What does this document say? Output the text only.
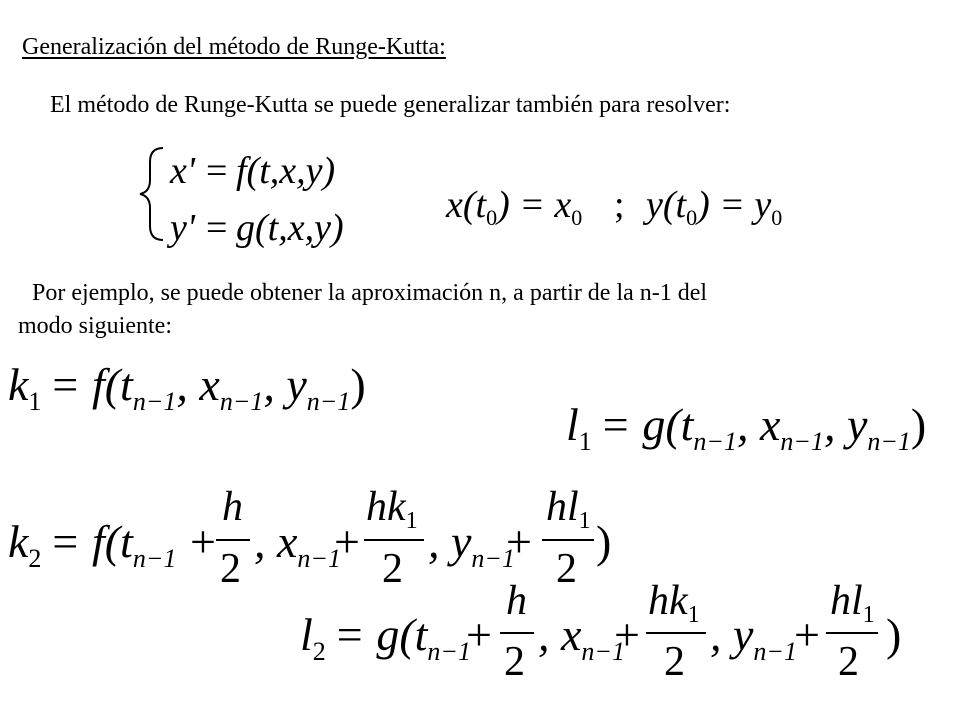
Generalización del método de Runge-Kutta:
El método de Runge-Kutta se puede generalizar también para resolver:
Por ejemplo, se puede obtener la aproximación n, a partir de la n-1 del
modo siguiente:
x' = f(t,x,y)
y' = g(t,x,y)
$x(t_0) = x_0$ ; $y(t_0) = y_0$
$k_1 = f(t_{n-1}$, $x_{n-1}$, $y_{n-1}$)
$l_1 = g(t_{n-1}$, $x_{n-1}$, $y_{n-1}$)
$k_2 = f(t_{n-1}$ +
h
2
, $x_{n-1}$
+
hk1
2
, $y_{n-1}$
+
hl1
2
)
$l_2 = g(t_{n-1}$
+
h
2
, $x_{n-1}$
+
hk1
2
, $y_{n-1}$
+
hl1
2
)
